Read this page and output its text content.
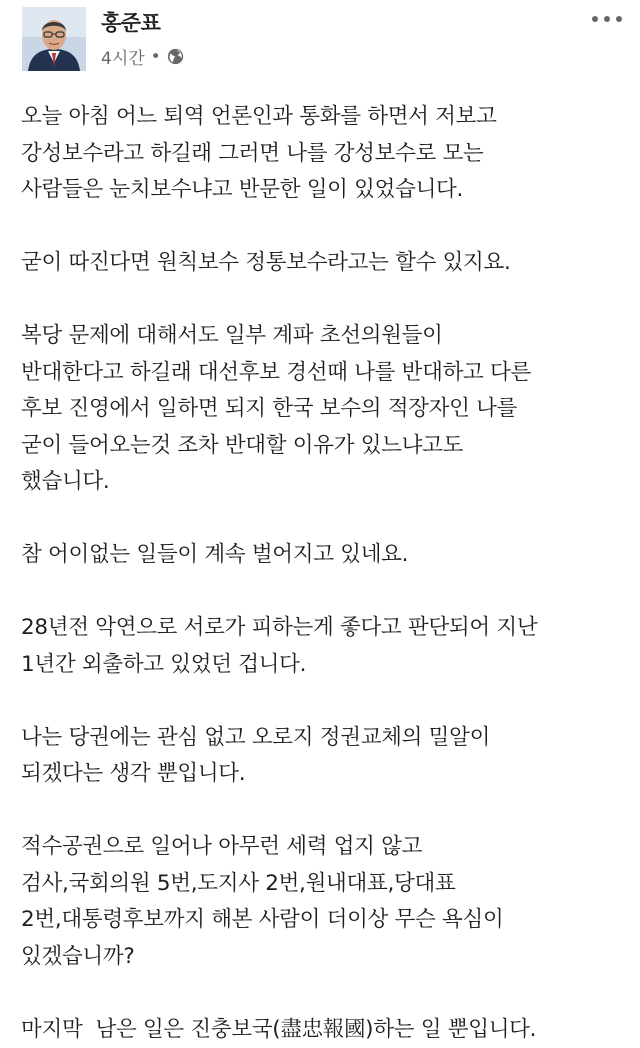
홍준표
4시간 •
오늘 아침 어느 퇴역 언론인과 통화를 하면서 저보고
강성보수라고 하길래 그러면 나를 강성보수로 모는
사람들은 눈치보수냐고 반문한 일이 있었습니다.
굳이 따진다면 원칙보수 정통보수라고는 할수 있지요.
복당 문제에 대해서도 일부 계파 초선의원들이
반대한다고 하길래 대선후보 경선때 나를 반대하고 다른
후보 진영에서 일하면 되지 한국 보수의 적장자인 나를
굳이 들어오는것 조차 반대할 이유가 있느냐고도
했습니다.
참 어이없는 일들이 계속 벌어지고 있네요.
28년전 악연으로 서로가 피하는게 좋다고 판단되어 지난
1년간 외출하고 있었던 겁니다.
나는 당권에는 관심 없고 오로지 정권교체의 밀알이
되겠다는 생각 뿐입니다.
적수공권으로 일어나 아무런 세력 업지 않고
검사,국회의원 5번,도지사 2번,원내대표,당대표
2번,대통령후보까지 해본 사람이 더이상 무슨 욕심이
있겠습니까?
마지막  남은 일은 진충보국(盡忠報國)하는 일 뿐입니다.
